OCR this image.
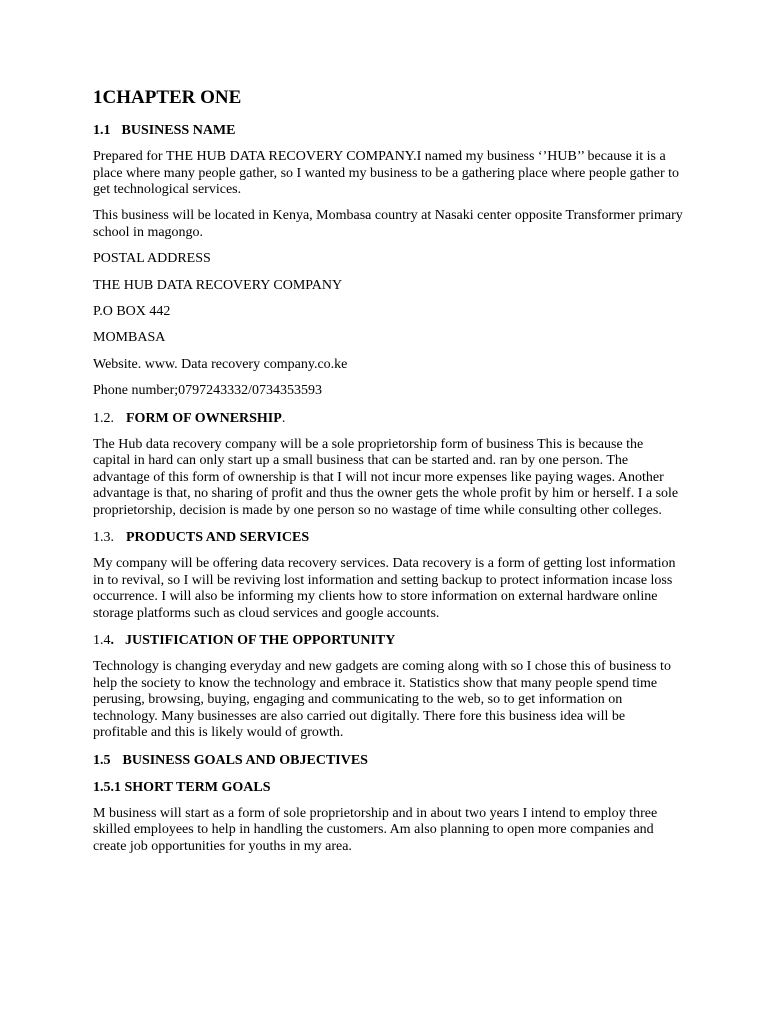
1CHAPTER ONE
1.1 BUSINESS NAME

Prepared for THE HUB DATA RECOVERY COMPANY.I named my business ‘’HUB’’ because it is a place where many people gather, so I wanted my business to be a gathering place where people gather to get technological services.

This business will be located in Kenya, Mombasa country at Nasaki center opposite Transformer primary school in magongo.

POSTAL ADDRESS

THE HUB DATA RECOVERY COMPANY

P.O BOX 442

MOMBASA

Website. www. Data recovery company.co.ke

Phone number;0797243332/0734353593

1.2. FORM OF OWNERSHIP.

The Hub data recovery company will be a sole proprietorship form of business This is because the capital in hard can only start up a small business that can be started and. ran by one person. The advantage of this form of ownership is that I will not incur more expenses like paying wages. Another advantage is that, no sharing of profit and thus the owner gets the whole profit by him or herself. I a sole proprietorship, decision is made by one person so no wastage of time while consulting other colleges.

1.3. PRODUCTS AND SERVICES

My company will be offering data recovery services. Data recovery is a form of getting lost information in to revival, so I will be reviving lost information and setting backup to protect information incase loss occurrence. I will also be informing my clients how to store information on external hardware online storage platforms such as cloud services and google accounts.

1.4. JUSTIFICATION OF THE OPPORTUNITY

Technology is changing everyday and new gadgets are coming along with so I chose this of business to help the society to know the technology and embrace it. Statistics show that many people spend time perusing, browsing, buying, engaging and communicating to the web, so to get information on technology. Many businesses are also carried out digitally. There fore this business idea will be profitable and this is likely would of growth.

1.5 BUSINESS GOALS AND OBJECTIVES
1.5.1 SHORT TERM GOALS

M business will start as a form of sole proprietorship and in about two years I intend to employ three skilled employees to help in handling the customers. Am also planning to open more companies and create job opportunities for youths in my area.
